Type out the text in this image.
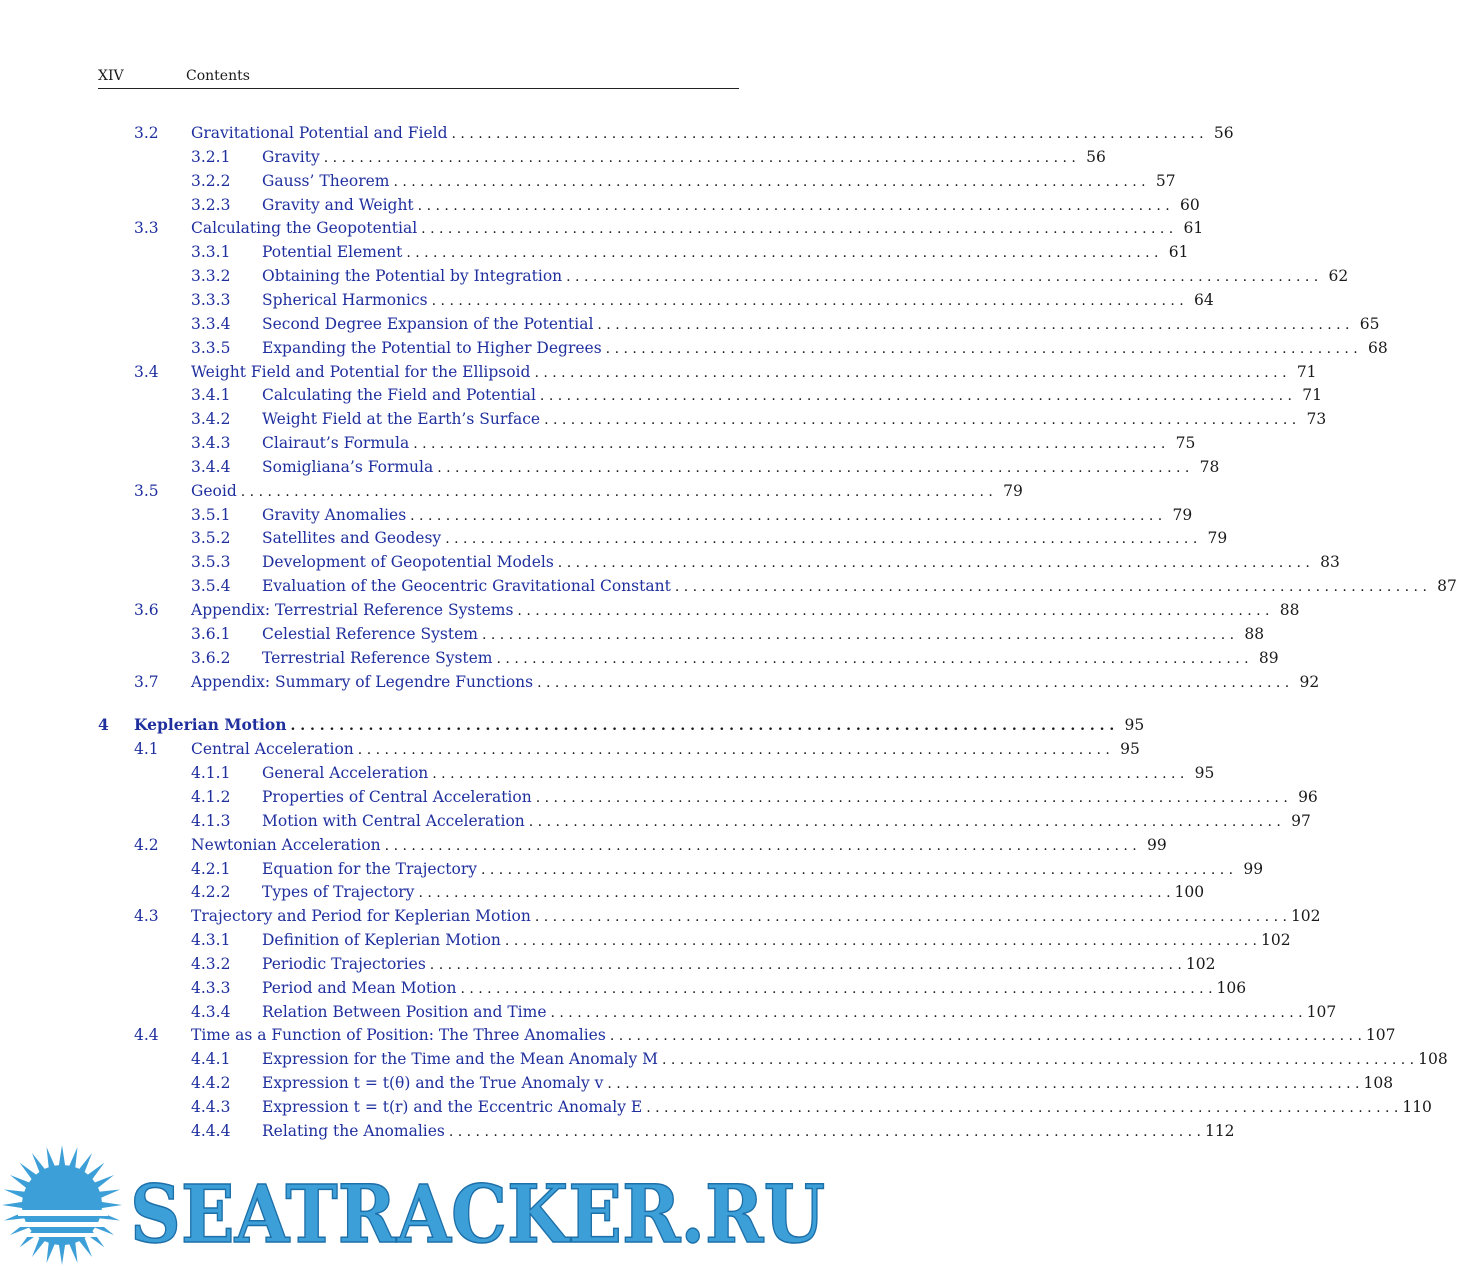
XIV	Contents
3.2	Gravitational Potential and Field . . .	56
3.2.1	Gravity . . .	56
3.2.2	Gauss’ Theorem . . .	57
3.2.3	Gravity and Weight . . .	60
3.3	Calculating the Geopotential . . .	61
3.3.1	Potential Element . . .	61
3.3.2	Obtaining the Potential by Integration . . .	62
3.3.3	Spherical Harmonics . . .	64
3.3.4	Second Degree Expansion of the Potential . . .	65
3.3.5	Expanding the Potential to Higher Degrees . . .	68
3.4	Weight Field and Potential for the Ellipsoid . . .	71
3.4.1	Calculating the Field and Potential . . .	71
3.4.2	Weight Field at the Earth’s Surface . . .	73
3.4.3	Clairaut’s Formula . . .	75
3.4.4	Somigliana’s Formula . . .	78
3.5	Geoid . . .	79
3.5.1	Gravity Anomalies . . .	79
3.5.2	Satellites and Geodesy . . .	79
3.5.3	Development of Geopotential Models . . .	83
3.5.4	Evaluation of the Geocentric Gravitational Constant . . .	87
3.6	Appendix: Terrestrial Reference Systems . . .	88
3.6.1	Celestial Reference System . . .	88
3.6.2	Terrestrial Reference System . . .	89
3.7	Appendix: Summary of Legendre Functions . . .	92
4	Keplerian Motion . . .	95
4.1	Central Acceleration . . .	95
4.1.1	General Acceleration . . .	95
4.1.2	Properties of Central Acceleration . . .	96
4.1.3	Motion with Central Acceleration . . .	97
4.2	Newtonian Acceleration . . .	99
4.2.1	Equation for the Trajectory . . .	99
4.2.2	Types of Trajectory . . .	100
4.3	Trajectory and Period for Keplerian Motion . . .	102
4.3.1	Definition of Keplerian Motion . . .	102
4.3.2	Periodic Trajectories . . .	102
4.3.3	Period and Mean Motion . . .	106
4.3.4	Relation Between Position and Time . . .	107
4.4	Time as a Function of Position: The Three Anomalies . . .	107
4.4.1	Expression for the Time and the Mean Anomaly M . . .	108
4.4.2	Expression t = t(θ) and the True Anomaly v . . .	108
4.4.3	Expression t = t(r) and the Eccentric Anomaly E . . .	110
4.4.4	Relating the Anomalies . . .	112
SEATRACKER.RU
